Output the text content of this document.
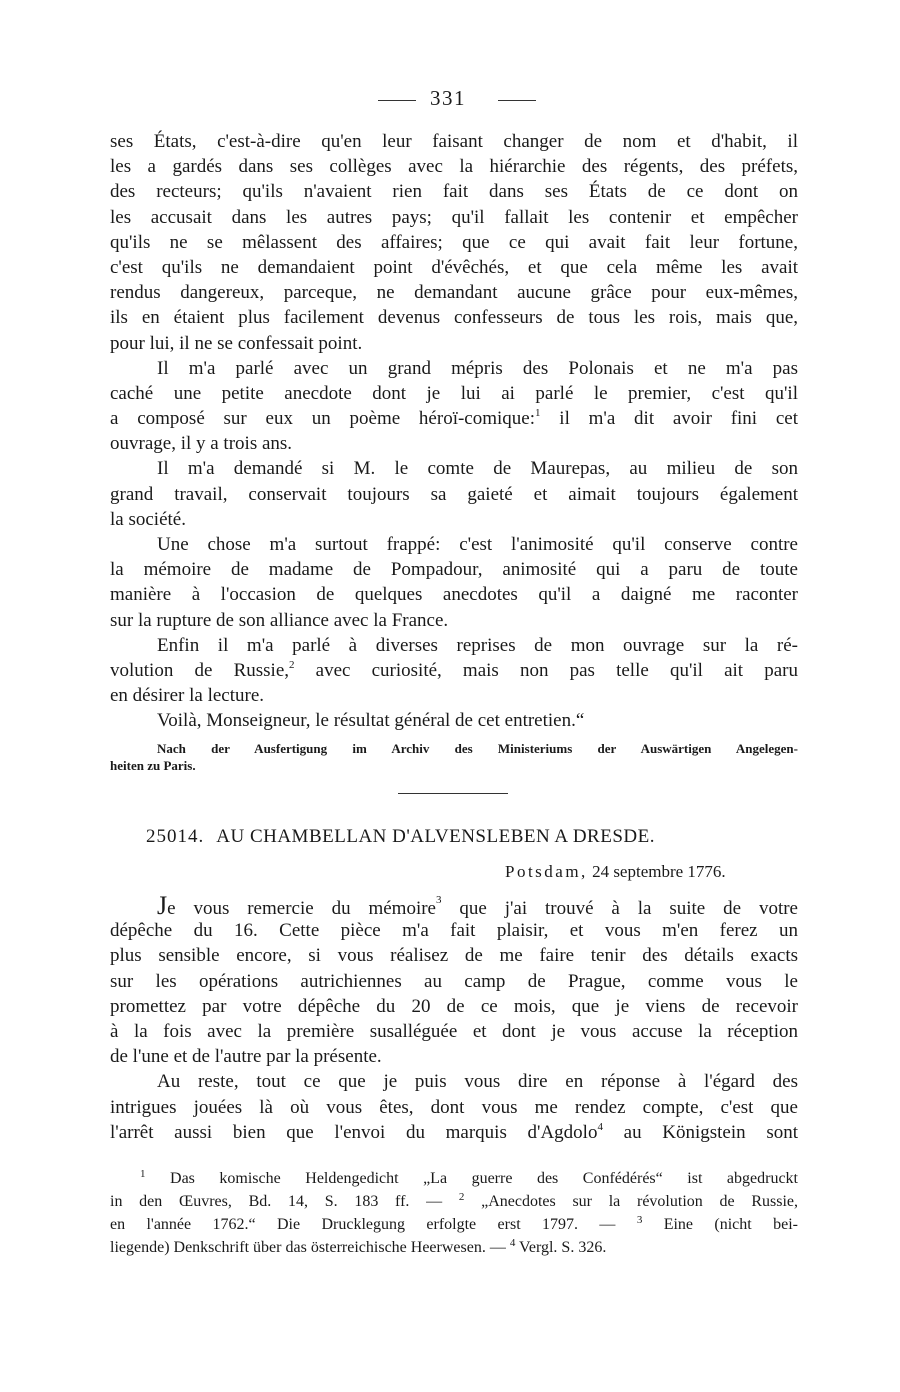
331
ses États, c'est-à-dire qu'en leur faisant changer de nom et d'habit, il
les a gardés dans ses collèges avec la hiérarchie des régents, des préfets,
des recteurs; qu'ils n'avaient rien fait dans ses États de ce dont on
les accusait dans les autres pays; qu'il fallait les contenir et empêcher
qu'ils ne se mêlassent des affaires; que ce qui avait fait leur fortune,
c'est qu'ils ne demandaient point d'évêchés, et que cela même les avait
rendus dangereux, parceque, ne demandant aucune grâce pour eux-mêmes,
ils en étaient plus facilement devenus confesseurs de tous les rois, mais que,
pour lui, il ne se confessait point.
Il m'a parlé avec un grand mépris des Polonais et ne m'a pas
caché une petite anecdote dont je lui ai parlé le premier, c'est qu'il
a composé sur eux un poème héroï-comique:$^1$ il m'a dit avoir fini cet
ouvrage, il y a trois ans.
Il m'a demandé si M. le comte de Maurepas, au milieu de son
grand travail, conservait toujours sa gaieté et aimait toujours également
la société.
Une chose m'a surtout frappé: c'est l'animosité qu'il conserve contre
la mémoire de madame de Pompadour, animosité qui a paru de toute
manière à l'occasion de quelques anecdotes qu'il a daigné me raconter
sur la rupture de son alliance avec la France.
Enfin il m'a parlé à diverses reprises de mon ouvrage sur la ré-
volution de Russie,$^2$ avec curiosité, mais non pas telle qu'il ait paru
en désirer la lecture.
Voilà, Monseigneur, le résultat général de cet entretien.“
Nach der Ausfertigung im Archiv des Ministeriums der Auswärtigen Angelegen-
heiten zu Paris.
25014. AU CHAMBELLAN D'ALVENSLEBEN A DRESDE.
Potsdam, 24 septembre 1776.
Je vous remercie du mémoire$^3$ que j'ai trouvé à la suite de votre
dépêche du 16. Cette pièce m'a fait plaisir, et vous m'en ferez un
plus sensible encore, si vous réalisez de me faire tenir des détails exacts
sur les opérations autrichiennes au camp de Prague, comme vous le
promettez par votre dépêche du 20 de ce mois, que je viens de recevoir
à la fois avec la première susalléguée et dont je vous accuse la réception
de l'une et de l'autre par la présente.
Au reste, tout ce que je puis vous dire en réponse à l'égard des
intrigues jouées là où vous êtes, dont vous me rendez compte, c'est que
l'arrêt aussi bien que l'envoi du marquis d'Agdolo$^4$ au Königstein sont
$^1$ Das komische Heldengedicht „La guerre des Confédérés“ ist abgedruckt
in den Œuvres, Bd. 14, S. 183 ff. — $^2$ „Anecdotes sur la révolution de Russie,
en l'année 1762.“ Die Drucklegung erfolgte erst 1797. — $^3$ Eine (nicht bei-
liegende) Denkschrift über das österreichische Heerwesen. — $^4$ Vergl. S. 326.
